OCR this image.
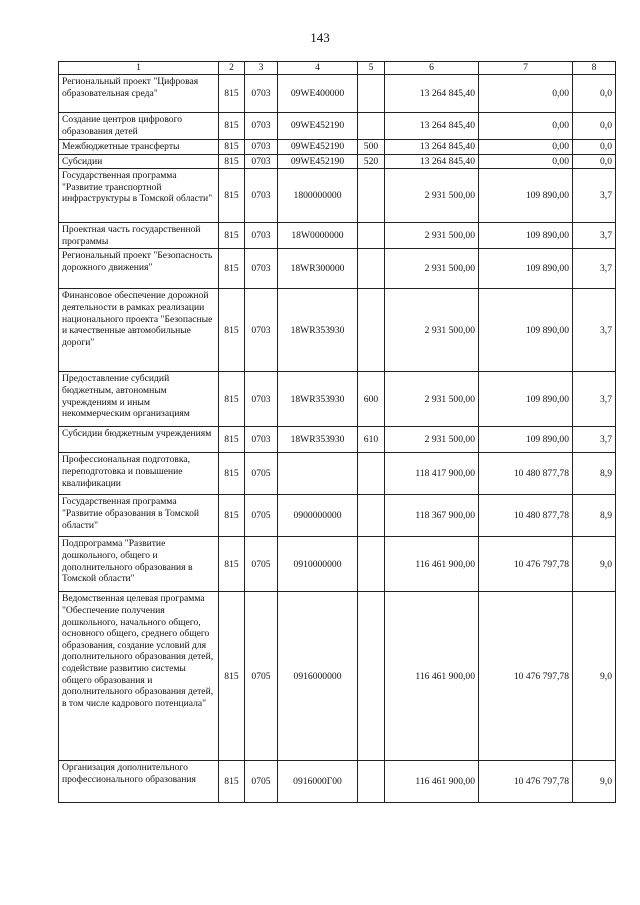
143
1	2	3	4	5	6	7	8
Региональный проект "Цифровая образовательная среда"	815	0703	09WE400000		13 264 845,40	0,00	0,0
Создание центров цифрового образования детей	815	0703	09WE452190		13 264 845,40	0,00	0,0
Межбюджетные трансферты	815	0703	09WE452190	500	13 264 845,40	0,00	0,0
Субсидии	815	0703	09WE452190	520	13 264 845,40	0,00	0,0
Государственная программа "Развитие транспортной инфраструктуры в Томской области"	815	0703	1800000000		2 931 500,00	109 890,00	3,7
Проектная часть государственной программы	815	0703	18W0000000		2 931 500,00	109 890,00	3,7
Региональный проект "Безопасность дорожного движения"	815	0703	18WR300000		2 931 500,00	109 890,00	3,7
Финансовое обеспечение дорожной деятельности в рамках реализации национального проекта "Безопасные и качественные автомобильные дороги"	815	0703	18WR353930		2 931 500,00	109 890,00	3,7
Предоставление субсидий бюджетным, автономным учреждениям и иным некоммерческим организациям	815	0703	18WR353930	600	2 931 500,00	109 890,00	3,7
Субсидии бюджетным учреждениям	815	0703	18WR353930	610	2 931 500,00	109 890,00	3,7
Профессиональная подготовка, переподготовка и повышение квалификации	815	0705			118 417 900,00	10 480 877,78	8,9
Государственная программа "Развитие образования в Томской области"	815	0705	0900000000		118 367 900,00	10 480 877,78	8,9
Подпрограмма "Развитие дошкольного, общего и дополнительного образования в Томской области"	815	0705	0910000000		116 461 900,00	10 476 797,78	9,0
Ведомственная целевая программа "Обеспечение получения дошкольного, начального общего, основного общего, среднего общего образования, создание условий для дополнительного образования детей, содействие развитию системы общего образования и дополнительного образования детей, в том числе кадрового потенциала"	815	0705	0916000000		116 461 900,00	10 476 797,78	9,0
Организация дополнительного профессионального образования	815	0705	0916000Г00		116 461 900,00	10 476 797,78	9,0
